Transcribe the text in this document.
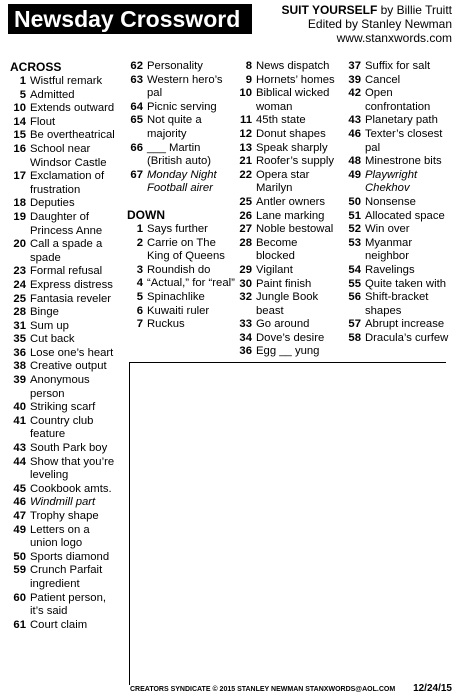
Newsday Crossword	SUIT YOURSELF by Billie Truitt
Edited by Stanley Newman
www.stanxwords.com
ACROSS
1 Wistful remark
5 Admitted
10 Extends outward
14 Flout
15 Be overtheatrical
16 School near Windsor Castle
17 Exclamation of frustration
18 Deputies
19 Daughter of Princess Anne
20 Call a spade a spade
23 Formal refusal
24 Express distress
25 Fantasia reveler
28 Binge
31 Sum up
35 Cut back
36 Lose one’s heart
38 Creative output
39 Anonymous person
40 Striking scarf
41 Country club feature
43 South Park boy
44 Show that you’re leveling
45 Cookbook amts.
46 Windmill part
47 Trophy shape
49 Letters on a union logo
50 Sports diamond
59 Crunch Parfait ingredient
60 Patient person, it’s said
61 Court claim
62 Personality
63 Western hero’s pal
64 Picnic serving
65 Not quite a majority
66 ___ Martin (British auto)
67 Monday Night Football airer
DOWN
1 Says further
2 Carrie on The King of Queens
3 Roundish do
4 “Actual,” for “real”
5 Spinachlike
6 Kuwaiti ruler
7 Ruckus
8 News dispatch
9 Hornets’ homes
10 Biblical wicked woman
11 45th state
12 Donut shapes
13 Speak sharply
21 Roofer’s supply
22 Opera star Marilyn
25 Antler owners
26 Lane marking
27 Noble bestowal
28 Become blocked
29 Vigilant
30 Paint finish
32 Jungle Book beast
33 Go around
34 Dove’s desire
36 Egg __ yung
37 Suffix for salt
39 Cancel
42 Open confrontation
43 Planetary path
46 Texter’s closest pal
48 Minestrone bits
49 Playwright Chekhov
50 Nonsense
51 Allocated space
52 Win over
53 Myanmar neighbor
54 Ravelings
55 Quite taken with
56 Shift-bracket shapes
57 Abrupt increase
58 Dracula’s curfew
CREATORS SYNDICATE © 2015 STANLEY NEWMAN STANXWORDS@AOL.COM 12/24/15
